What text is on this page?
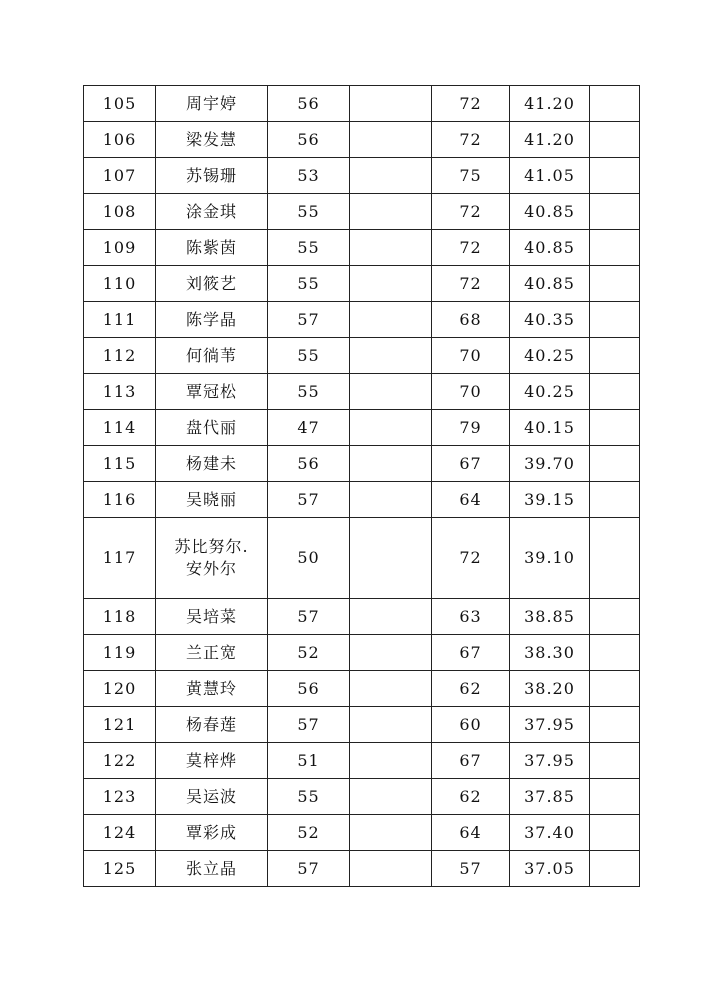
105	周宇婷	56		72	41.20	
106	梁发慧	56		72	41.20	
107	苏锡珊	53		75	41.05	
108	涂金琪	55		72	40.85	
109	陈紫茵	55		72	40.85	
110	刘筱艺	55		72	40.85	
111	陈学晶	57		68	40.35	
112	何徜苇	55		70	40.25	
113	覃冠松	55		70	40.25	
114	盘代丽	47		79	40.15	
115	杨建未	56		67	39.70	
116	吴晓丽	57		64	39.15	
117	苏比努尔.
安外尔	50		72	39.10	
118	吴培菜	57		63	38.85	
119	兰正宽	52		67	38.30	
120	黄慧玲	56		62	38.20	
121	杨春莲	57		60	37.95	
122	莫梓烨	51		67	37.95	
123	吴运波	55		62	37.85	
124	覃彩成	52		64	37.40	
125	张立晶	57		57	37.05	
